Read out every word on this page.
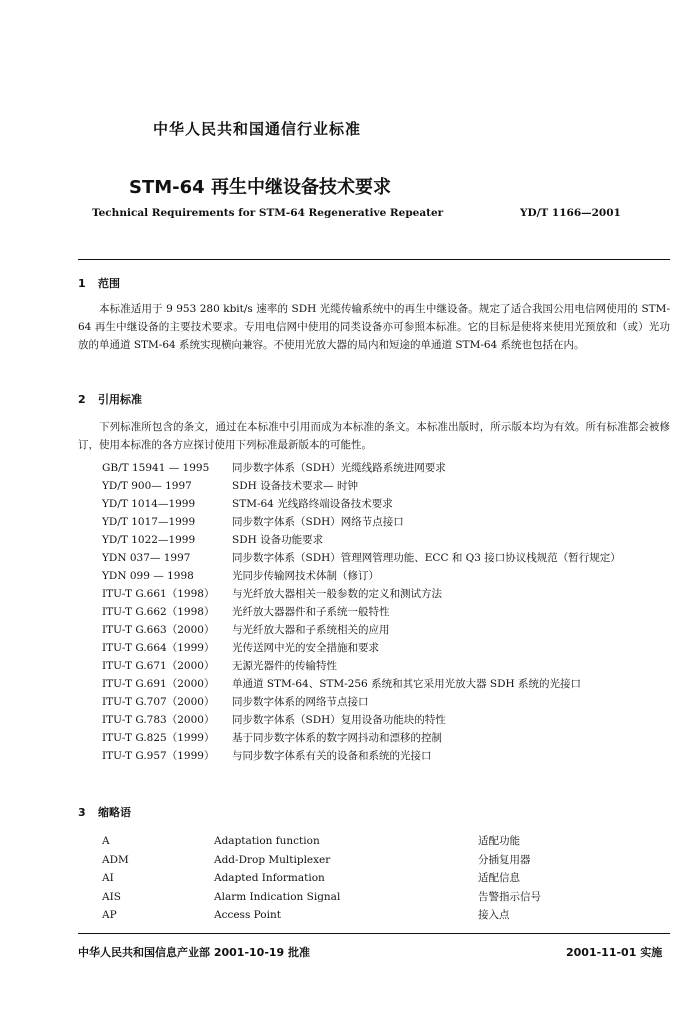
中华人民共和国通信行业标准
STM-64 再生中继设备技术要求
Technical Requirements for STM-64 Regenerative Repeater	YD/T 1166—2001
1 范围

本标准适用于 9 953 280 kbit/s 速率的 SDH 光缆传输系统中的再生中继设备。规定了适合我国公用电信网使用的 STM-64 再生中继设备的主要技术要求。专用电信网中使用的同类设备亦可参照本标准。它的目标是使将来使用光预放和（或）光功放的单通道 STM-64 系统实现横向兼容。不使用光放大器的局内和短途的单通道 STM-64 系统也包括在内。

2 引用标准

下列标准所包含的条文，通过在本标准中引用而成为本标准的条文。本标准出版时，所示版本均为有效。所有标准都会被修订，使用本标准的各方应探讨使用下列标准最新版本的可能性。

GB/T 15941 — 1995	同步数字体系（SDH）光缆线路系统进网要求
YD/T 900— 1997	SDH 设备技术要求— 时钟
YD/T 1014—1999	STM-64 光线路终端设备技术要求
YD/T 1017—1999	同步数字体系（SDH）网络节点接口
YD/T 1022—1999	SDH 设备功能要求
YDN 037— 1997	同步数字体系（SDH）管理网管理功能、ECC 和 Q3 接口协议栈规范（暂行规定）
YDN 099 — 1998	光同步传输网技术体制（修订）
ITU-T G.661（1998）	与光纤放大器相关一般参数的定义和测试方法
ITU-T G.662（1998）	光纤放大器器件和子系统一般特性
ITU-T G.663（2000）	与光纤放大器和子系统相关的应用
ITU-T G.664（1999）	光传送网中光的安全措施和要求
ITU-T G.671（2000）	无源光器件的传输特性
ITU-T G.691（2000）	单通道 STM-64、STM-256 系统和其它采用光放大器 SDH 系统的光接口
ITU-T G.707（2000）	同步数字体系的网络节点接口
ITU-T G.783（2000）	同步数字体系（SDH）复用设备功能块的特性
ITU-T G.825（1999）	基于同步数字体系的数字网抖动和漂移的控制
ITU-T G.957（1999）	与同步数字体系有关的设备和系统的光接口
3 缩略语
A	Adaptation function	适配功能
ADM	Add-Drop Multiplexer	分插复用器
AI	Adapted Information	适配信息
AIS	Alarm Indication Signal	告警指示信号
AP	Access Point	接入点
中华人民共和国信息产业部 2001-10-19 批准	2001-11-01 实施
